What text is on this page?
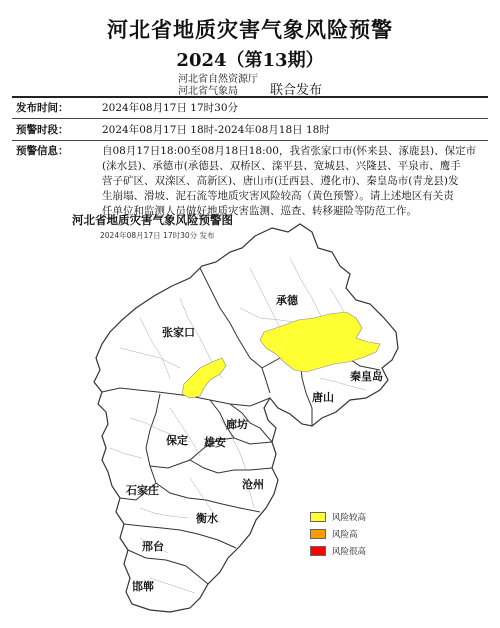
河北省地质灾害气象风险预警
2024（第13期）
河北省自然资源厅
河北省气象局	联合发布
发布时间：	2024年08月17日 17时30分
预警时段：	2024年08月17日 18时-2024年08月18日 18时
预警信息：	自08月17日18:00至08月18日18:00，我省张家口市(怀来县、涿鹿县)、保定市
(涞水县)、承德市(承德县、双桥区、滦平县、宽城县、兴隆县、平泉市、鹰手
营子矿区、双滦区、高新区)、唐山市(迁西县、遵化市)、秦皇岛市(青龙县)发
生崩塌、滑坡、泥石流等地质灾害风险较高（黄色预警）。请上述地区有关责
任单位和监测人员做好地质灾害监测、巡查、转移避险等防范工作。
承德
张家口
秦皇岛
唐山
廊坊
保定 雄安
沧州
石家庄
衡水
邢台
邯郸
河北省地质灾害气象风险预警图
2024年08月17日 17时30分 发布
风险较高
风险高
风险很高
